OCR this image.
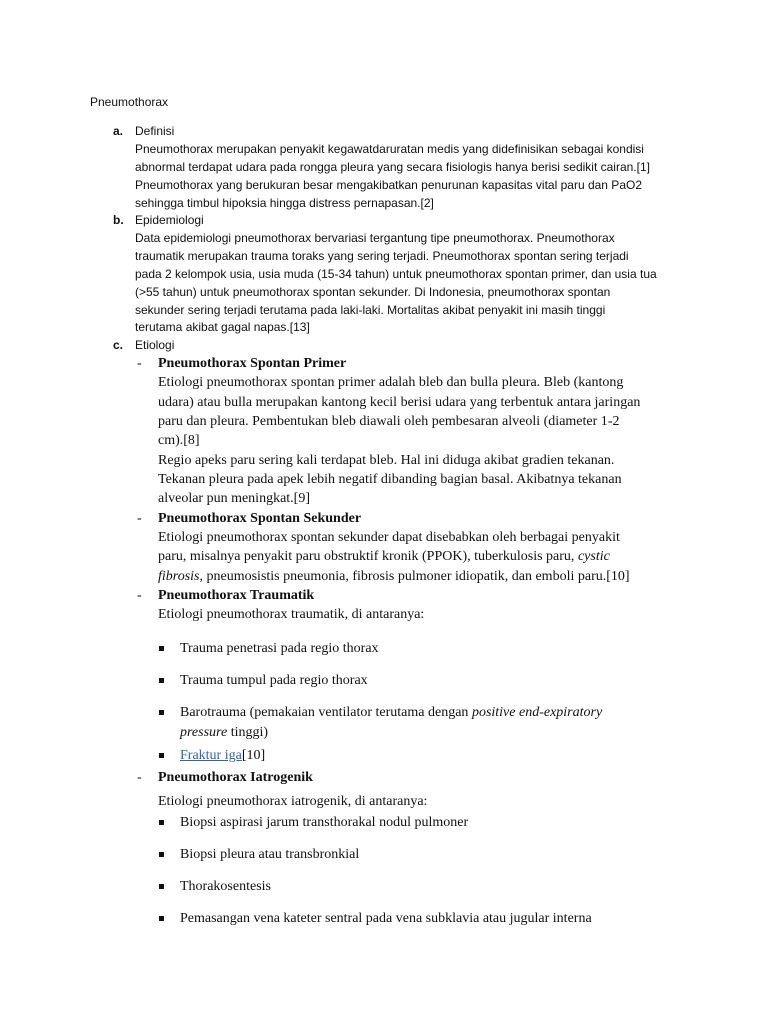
Pneumothorax
a. Definisi
Pneumothorax merupakan penyakit kegawatdaruratan medis yang didefinisikan sebagai kondisi
abnormal terdapat udara pada rongga pleura yang secara fisiologis hanya berisi sedikit cairan.[1]
Pneumothorax yang berukuran besar mengakibatkan penurunan kapasitas vital paru dan PaO2
sehingga timbul hipoksia hingga distress pernapasan.[2]
b. Epidemiologi
Data epidemiologi pneumothorax bervariasi tergantung tipe pneumothorax. Pneumothorax
traumatik merupakan trauma toraks yang sering terjadi. Pneumothorax spontan sering terjadi
pada 2 kelompok usia, usia muda (15-34 tahun) untuk pneumothorax spontan primer, dan usia tua
(>55 tahun) untuk pneumothorax spontan sekunder. Di Indonesia, pneumothorax spontan
sekunder sering terjadi terutama pada laki-laki. Mortalitas akibat penyakit ini masih tinggi
terutama akibat gagal napas.[13]
c. Etiologi
- Pneumothorax Spontan Primer
Etiologi pneumothorax spontan primer adalah bleb dan bulla pleura. Bleb (kantong
udara) atau bulla merupakan kantong kecil berisi udara yang terbentuk antara jaringan
paru dan pleura. Pembentukan bleb diawali oleh pembesaran alveoli (diameter 1-2
cm).[8]
Regio apeks paru sering kali terdapat bleb. Hal ini diduga akibat gradien tekanan.
Tekanan pleura pada apek lebih negatif dibanding bagian basal. Akibatnya tekanan
alveolar pun meningkat.[9]
- Pneumothorax Spontan Sekunder
Etiologi pneumothorax spontan sekunder dapat disebabkan oleh berbagai penyakit
paru, misalnya penyakit paru obstruktif kronik (PPOK), tuberkulosis paru, cystic
fibrosis, pneumosistis pneumonia, fibrosis pulmoner idiopatik, dan emboli paru.[10]
- Pneumothorax Traumatik
Etiologi pneumothorax traumatik, di antaranya:
Trauma penetrasi pada regio thorax
Trauma tumpul pada regio thorax
Barotrauma (pemakaian ventilator terutama dengan positive end-expiratory
pressure tinggi)
Fraktur iga[10]
- Pneumothorax Iatrogenik
Etiologi pneumothorax iatrogenik, di antaranya:
Biopsi aspirasi jarum transthorakal nodul pulmoner
Biopsi pleura atau transbronkial
Thorakosentesis
Pemasangan vena kateter sentral pada vena subklavia atau jugular interna
